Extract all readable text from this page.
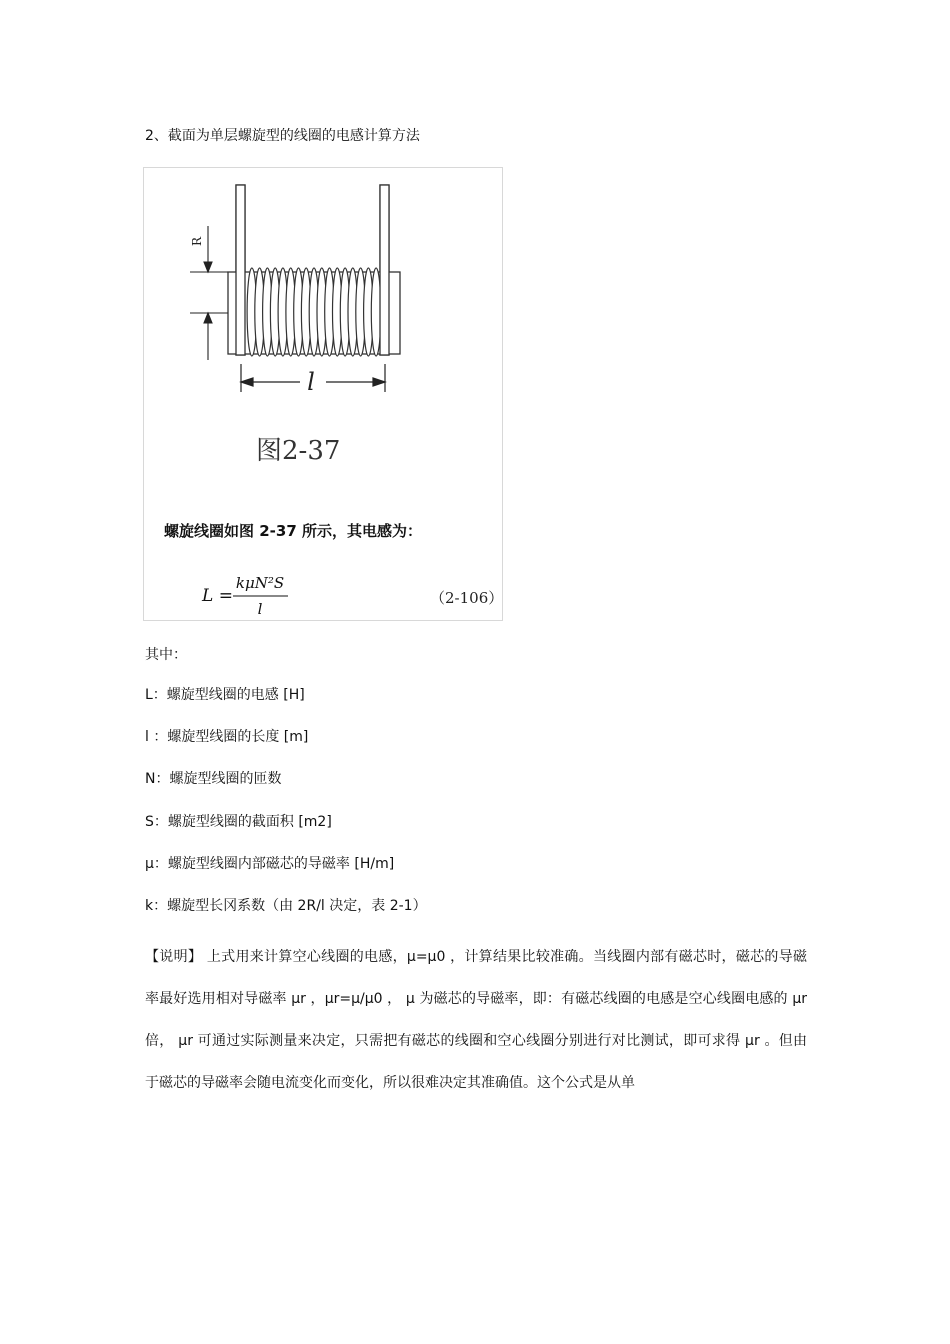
2、截面为单层螺旋型的线圈的电感计算方法
R
l
L =
kμN²S
l
图2-37
螺旋线圈如图 2-37 所示，其电感为：
（2-106）
其中：
L：螺旋型线圈的电感 [H]
l ：螺旋型线圈的长度 [m]
N：螺旋型线圈的匝数
S：螺旋型线圈的截面积 [m2]
μ：螺旋型线圈内部磁芯的导磁率 [H/m]
k：螺旋型长冈系数（由 2R/l 决定，表 2-1）
【说明】 上式用来计算空心线圈的电感，μ=μ0 ，计算结果比较准确。当线圈内部有磁芯时，磁芯的导磁率最好选用相对导磁率 μr ，μr=μ/μ0 ， μ 为磁芯的导磁率，即：有磁芯线圈的电感是空心线圈电感的 μr 倍， μr 可通过实际测量来决定，只需把有磁芯的线圈和空心线圈分别进行对比测试，即可求得 μr 。但由于磁芯的导磁率会随电流变化而变化，所以很难决定其准确值。这个公式是从单
